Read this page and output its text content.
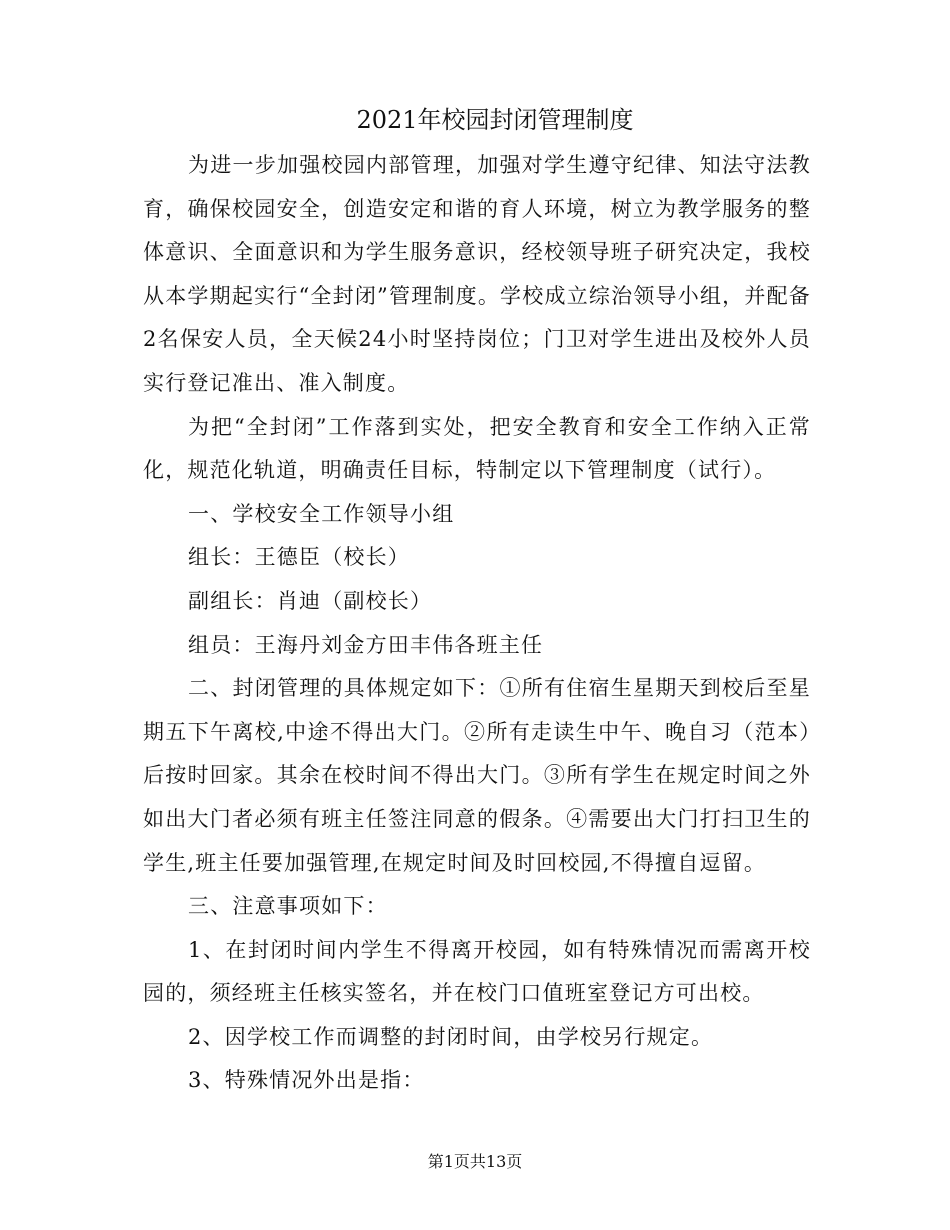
2021年校园封闭管理制度

为进一步加强校园内部管理，加强对学生遵守纪律、知法守法教育，确保校园安全，创造安定和谐的育人环境，树立为教学服务的整体意识、全面意识和为学生服务意识，经校领导班子研究决定，我校从本学期起实行“全封闭”管理制度。学校成立综治领导小组，并配备2名保安人员，全天候24小时坚持岗位；门卫对学生进出及校外人员实行登记准出、准入制度。

为把“全封闭”工作落到实处，把安全教育和安全工作纳入正常化，规范化轨道，明确责任目标，特制定以下管理制度（试行）。

一、学校安全工作领导小组

组长：王德臣（校长）

副组长：肖迪（副校长）

组员：王海丹刘金方田丰伟各班主任

二、封闭管理的具体规定如下：①所有住宿生星期天到校后至星期五下午离校,中途不得出大门。②所有走读生中午、晚自习（范本）后按时回家。其余在校时间不得出大门。③所有学生在规定时间之外如出大门者必须有班主任签注同意的假条。④需要出大门打扫卫生的学生,班主任要加强管理,在规定时间及时回校园,不得擅自逗留。

三、注意事项如下：

1、在封闭时间内学生不得离开校园，如有特殊情况而需离开校园的，须经班主任核实签名，并在校门口值班室登记方可出校。

2、因学校工作而调整的封闭时间，由学校另行规定。

3、特殊情况外出是指：

第1页共13页
